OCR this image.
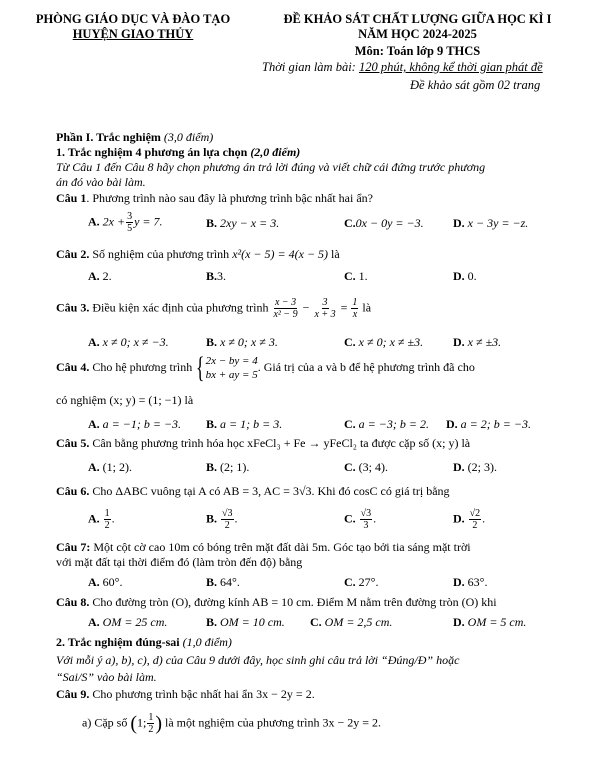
PHÒNG GIÁO DỤC VÀ ĐÀO TẠO
HUYỆN GIAO THỦY
ĐỀ KHẢO SÁT CHẤT LƯỢNG GIỮA HỌC KÌ I
NĂM HỌC 2024-2025
Môn: Toán lớp 9 THCS
Thời gian làm bài: 120 phút, không kể thời gian phát đề
Đề khảo sát gồm 02 trang
Phần I. Trắc nghiệm (3,0 điểm)
1. Trắc nghiệm 4 phương án lựa chọn (2,0 điểm)
Từ Câu 1 đến Câu 8 hãy chọn phương án trả lời đúng và viết chữ cái đứng trước phương
án đó vào bài làm.
Câu 1. Phương trình nào sau đây là phương trình bậc nhất hai ẩn?
A. $2x + \frac{3}{5}$ y = 7.	B. 2xy − x = 3.	C.0x − 0y = −3. D. x − 3y = −z.
Câu 2. Số nghiệm của phương trình x²(x − 5) = 4(x − 5) là
A. 2.	B.3.	C. 1.	D. 0.
Câu 3. Điều kiện xác định của phương trình $\frac{x - 3}{\text{x² − 9}} - \frac{3}{x + 3} = \frac{1}{x}$ là
A. x ≠ 0; x ≠ −3.	B. x ≠ 0; x ≠ 3.	C. x ≠ 0; x ≠ ±3. D. x ≠ ±3.
Câu 4. Cho hệ phương trình { 2x − by = 4
bx + ay = 5
. Giá trị của a và b để hệ phương trình đã cho
có nghiệm (x; y) = (1; −1) là
A. a = −1; b = −3. B. a = 1; b = 3.	C. a = −3; b = 2. D. a = 2; b = −3.
Câu 5. Cân bằng phương trình hóa học xFeCl₃ + Fe → yFeCl₂ ta được cặp số (x; y) là
A. (1; 2).	B. (2; 1).	C. (3; 4).	D. (2; 3).
Câu 6. Cho ΔABC vuông tại A có AB = 3, AC = 3√3. Khi đó cosC có giá trị bằng
A. $\frac{1}{2}$ .	B. $\frac{√3}{2}$ .	C. $\frac{√3}{3}$ .	D. $\frac{√2}{2}$ .
Câu 7: Một cột cờ cao 10m có bóng trên mặt đất dài 5m. Góc tạo bởi tia sáng mặt trời
với mặt đất tại thời điểm đó (làm tròn đến độ) bằng
A. 60°.	B. 64°.	C. 27°.	D. 63°.
Câu 8. Cho đường tròn (O), đường kính AB = 10 cm. Điểm M nằm trên đường tròn (O) khi
A. OM = 25 cm.	B. OM = 10 cm. C. OM = 2,5 cm.	D. OM = 5 cm.
2. Trắc nghiệm đúng-sai (1,0 điểm)
Với mỗi ý a), b), c), d) của Câu 9 dưới đây, học sinh ghi câu trả lời “Đúng/Đ” hoặc
“Sai/S” vào bài làm.
Câu 9. Cho phương trình bậc nhất hai ẩn 3x − 2y = 2.
a) Cặp số (1; $\frac{1}{2}$ ) là một nghiệm của phương trình 3x − 2y = 2.
